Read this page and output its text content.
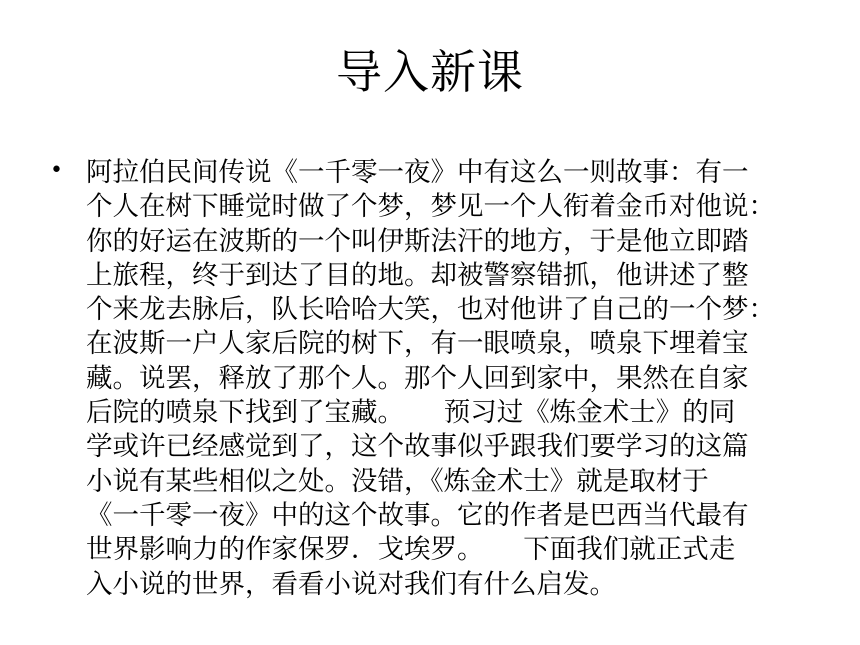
导入新课
• 阿拉伯民间传说《一千零一夜》中有这么一则故事：有一
个人在树下睡觉时做了个梦，梦见一个人衔着金币对他说：
你的好运在波斯的一个叫伊斯法汗的地方，于是他立即踏
上旅程，终于到达了目的地。却被警察错抓，他讲述了整
个来龙去脉后，队长哈哈大笑，也对他讲了自己的一个梦：
在波斯一户人家后院的树下，有一眼喷泉，喷泉下埋着宝
藏。说罢，释放了那个人。那个人回到家中，果然在自家
后院的喷泉下找到了宝藏。　　预习过《炼金术士》的同
学或许已经感觉到了，这个故事似乎跟我们要学习的这篇
小说有某些相似之处。没错，《炼金术士》就是取材于
《一千零一夜》中的这个故事。它的作者是巴西当代最有
世界影响力的作家保罗．戈埃罗。　　下面我们就正式走
入小说的世界，看看小说对我们有什么启发。
